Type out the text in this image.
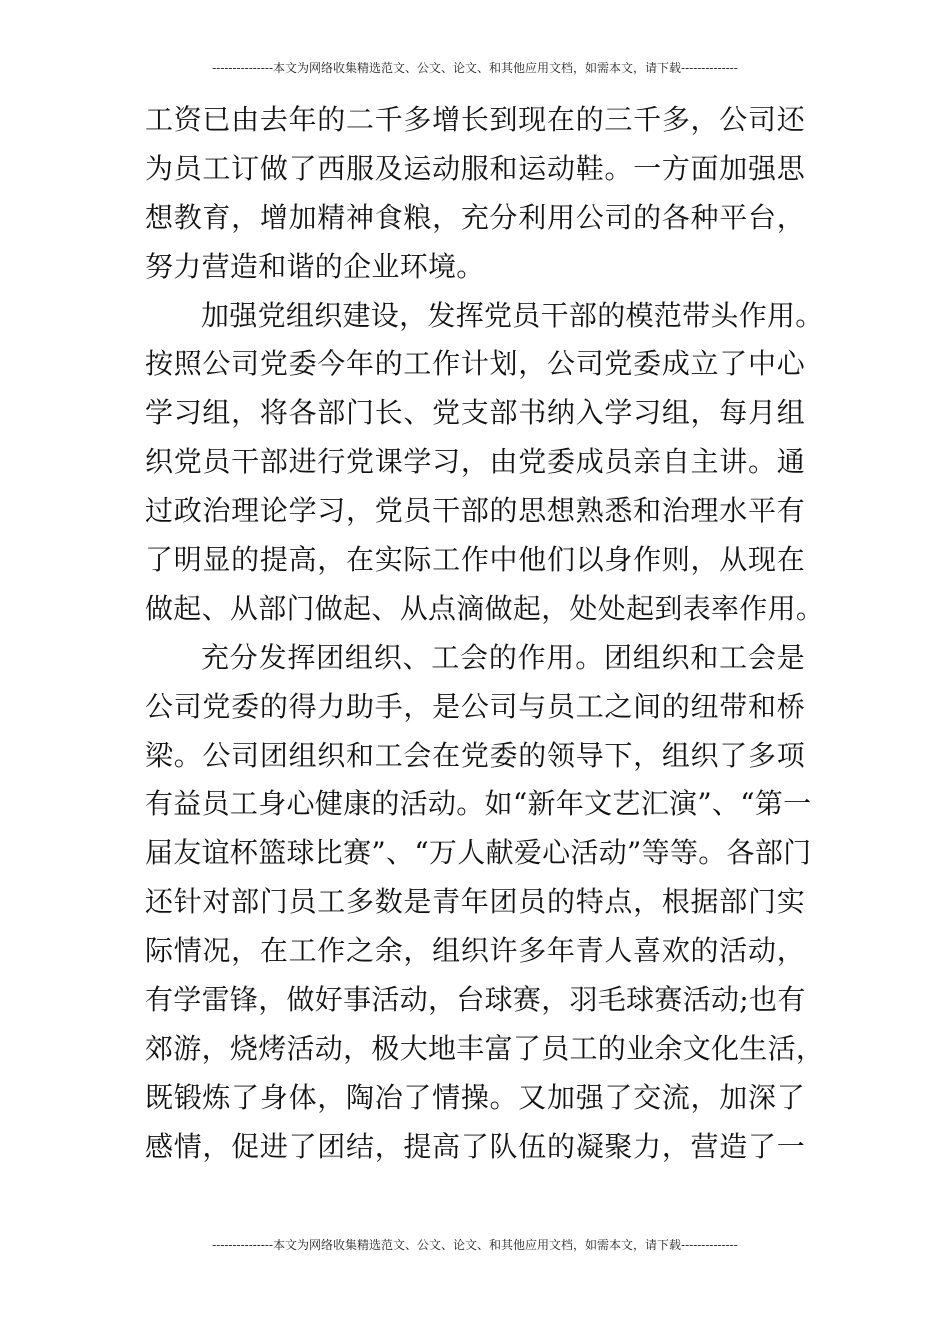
---------------本文为网络收集精选范文、公文、论文、和其他应用文档，如需本文，请下载--------------
工资已由去年的二千多增长到现在的三千多，公司还
为员工订做了西服及运动服和运动鞋。一方面加强思
想教育，增加精神食粮，充分利用公司的各种平台，
努力营造和谐的企业环境。
加强党组织建设，发挥党员干部的模范带头作用。
按照公司党委今年的工作计划，公司党委成立了中心
学习组，将各部门长、党支部书纳入学习组，每月组
织党员干部进行党课学习，由党委成员亲自主讲。通
过政治理论学习，党员干部的思想熟悉和治理水平有
了明显的提高，在实际工作中他们以身作则，从现在
做起、从部门做起、从点滴做起，处处起到表率作用。
充分发挥团组织、工会的作用。团组织和工会是
公司党委的得力助手，是公司与员工之间的纽带和桥
梁。公司团组织和工会在党委的领导下，组织了多项
有益员工身心健康的活动。如“新年文艺汇演”、“第一
届友谊杯篮球比赛”、“万人献爱心活动”等等。各部门
还针对部门员工多数是青年团员的特点，根据部门实
际情况，在工作之余，组织许多年青人喜欢的活动，
有学雷锋，做好事活动，台球赛，羽毛球赛活动;也有
郊游，烧烤活动，极大地丰富了员工的业余文化生活，
既锻炼了身体，陶冶了情操。又加强了交流，加深了
感情，促进了团结，提高了队伍的凝聚力，营造了一
---------------本文为网络收集精选范文、公文、论文、和其他应用文档，如需本文，请下载--------------
